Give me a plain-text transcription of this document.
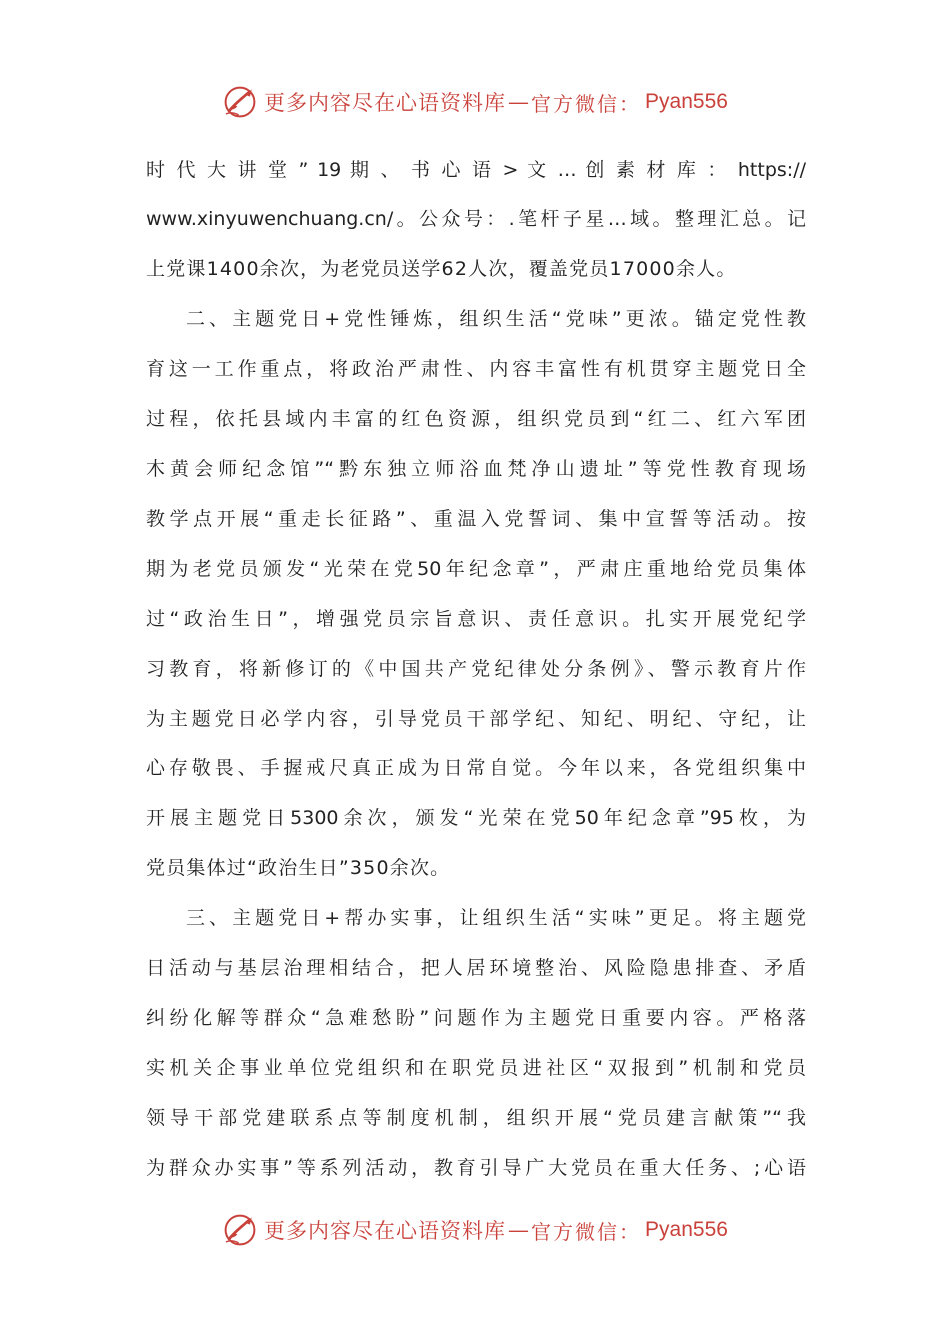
更多内容尽在心语资料库 — 官方微信： Pyan556
时 代 大 讲 堂 ” 19 期 、 书 心 语 > 文 … 创 素 材 库 ： https://
www.xinyuwenchuang.cn/。公众号：.笔杆子星…域。整理汇总。记
上党课1400余次，为老党员送学62人次，覆盖党员17000余人。
二、主题党日+党性锤炼，组织生活“党味”更浓。锚定党性教
育这一工作重点，将政治严肃性、内容丰富性有机贯穿主题党日全
过程，依托县域内丰富的红色资源，组织党员到“红二、红六军团
木黄会师纪念馆”“黔东独立师浴血梵净山遗址”等党性教育现场
教学点开展“重走长征路”、重温入党誓词、集中宣誓等活动。按
期为老党员颁发“光荣在党50年纪念章”，严肃庄重地给党员集体
过“政治生日”，增强党员宗旨意识、责任意识。扎实开展党纪学
习教育，将新修订的《中国共产党纪律处分条例》、警示教育片作
为主题党日必学内容，引导党员干部学纪、知纪、明纪、守纪，让
心存敬畏、手握戒尺真正成为日常自觉。今年以来，各党组织集中
开展主题党日5300余次，颁发“光荣在党50年纪念章”95枚，为
党员集体过“政治生日”350余次。
三、主题党日+帮办实事，让组织生活“实味”更足。将主题党
日活动与基层治理相结合，把人居环境整治、风险隐患排查、矛盾
纠纷化解等群众“急难愁盼”问题作为主题党日重要内容。严格落
实机关企事业单位党组织和在职党员进社区“双报到”机制和党员
领导干部党建联系点等制度机制，组织开展“党员建言献策”“我
为群众办实事”等系列活动，教育引导广大党员在重大任务、;心语
更多内容尽在心语资料库 — 官方微信： Pyan556
